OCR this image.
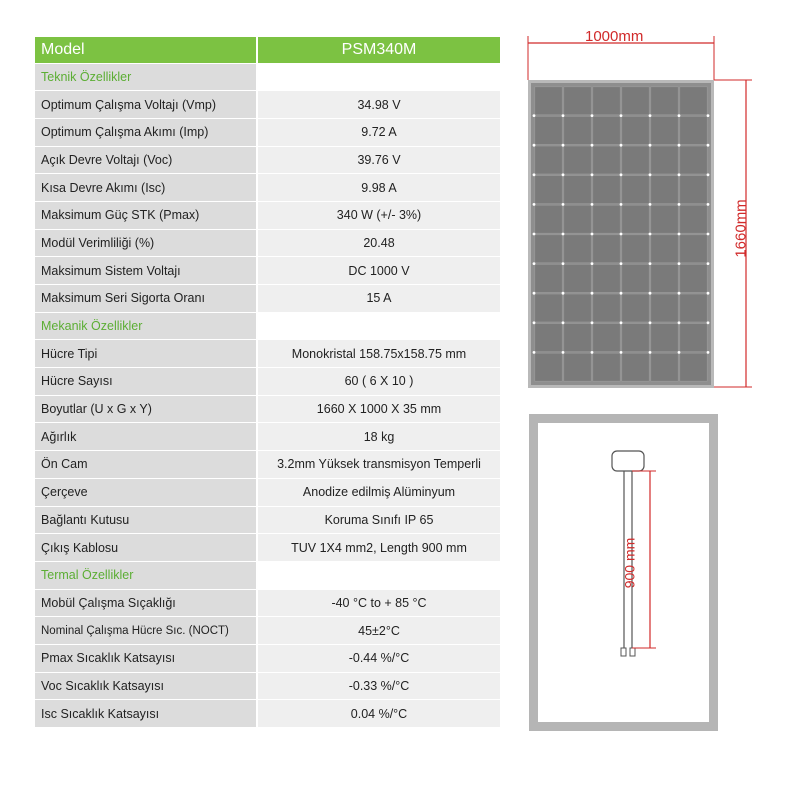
Model	PSM340M
Teknik Özellikler	
Optimum Çalışma Voltajı (Vmp)	34.98 V
Optimum Çalışma Akımı (Imp)	9.72 A
Açık Devre Voltajı (Voc)	39.76 V
Kısa Devre Akımı (Isc)	9.98 A
Maksimum Güç STK (Pmax)	340 W (+/- 3%)
Modül Verimliliği (%)	20.48
Maksimum Sistem Voltajı	DC 1000 V
Maksimum Seri Sigorta Oranı	15 A
Mekanik Özellikler	
Hücre Tipi	Monokristal 158.75x158.75 mm
Hücre Sayısı	60 ( 6 X 10 )
Boyutlar (U x G x Y)	1660 X 1000 X 35 mm
Ağırlık	18 kg
Ön Cam	3.2mm Yüksek transmisyon Temperli
Çerçeve	Anodize edilmiş Alüminyum
Bağlantı Kutusu	Koruma Sınıfı IP 65
Çıkış Kablosu	TUV 1X4 mm2, Length 900 mm
Termal Özellikler	
Mobül Çalışma Sıçaklığı	-40 °C to + 85 °C
Nominal Çalışma Hücre Sıc. (NOCT)	45±2°C
Pmax Sıcaklık Katsayısı	-0.44 %/°C
Voc Sıcaklık Katsayısı	-0.33 %/°C
Isc Sıcaklık Katsayısı	0.04 %/°C
1000mm
1660mm
900 mm
